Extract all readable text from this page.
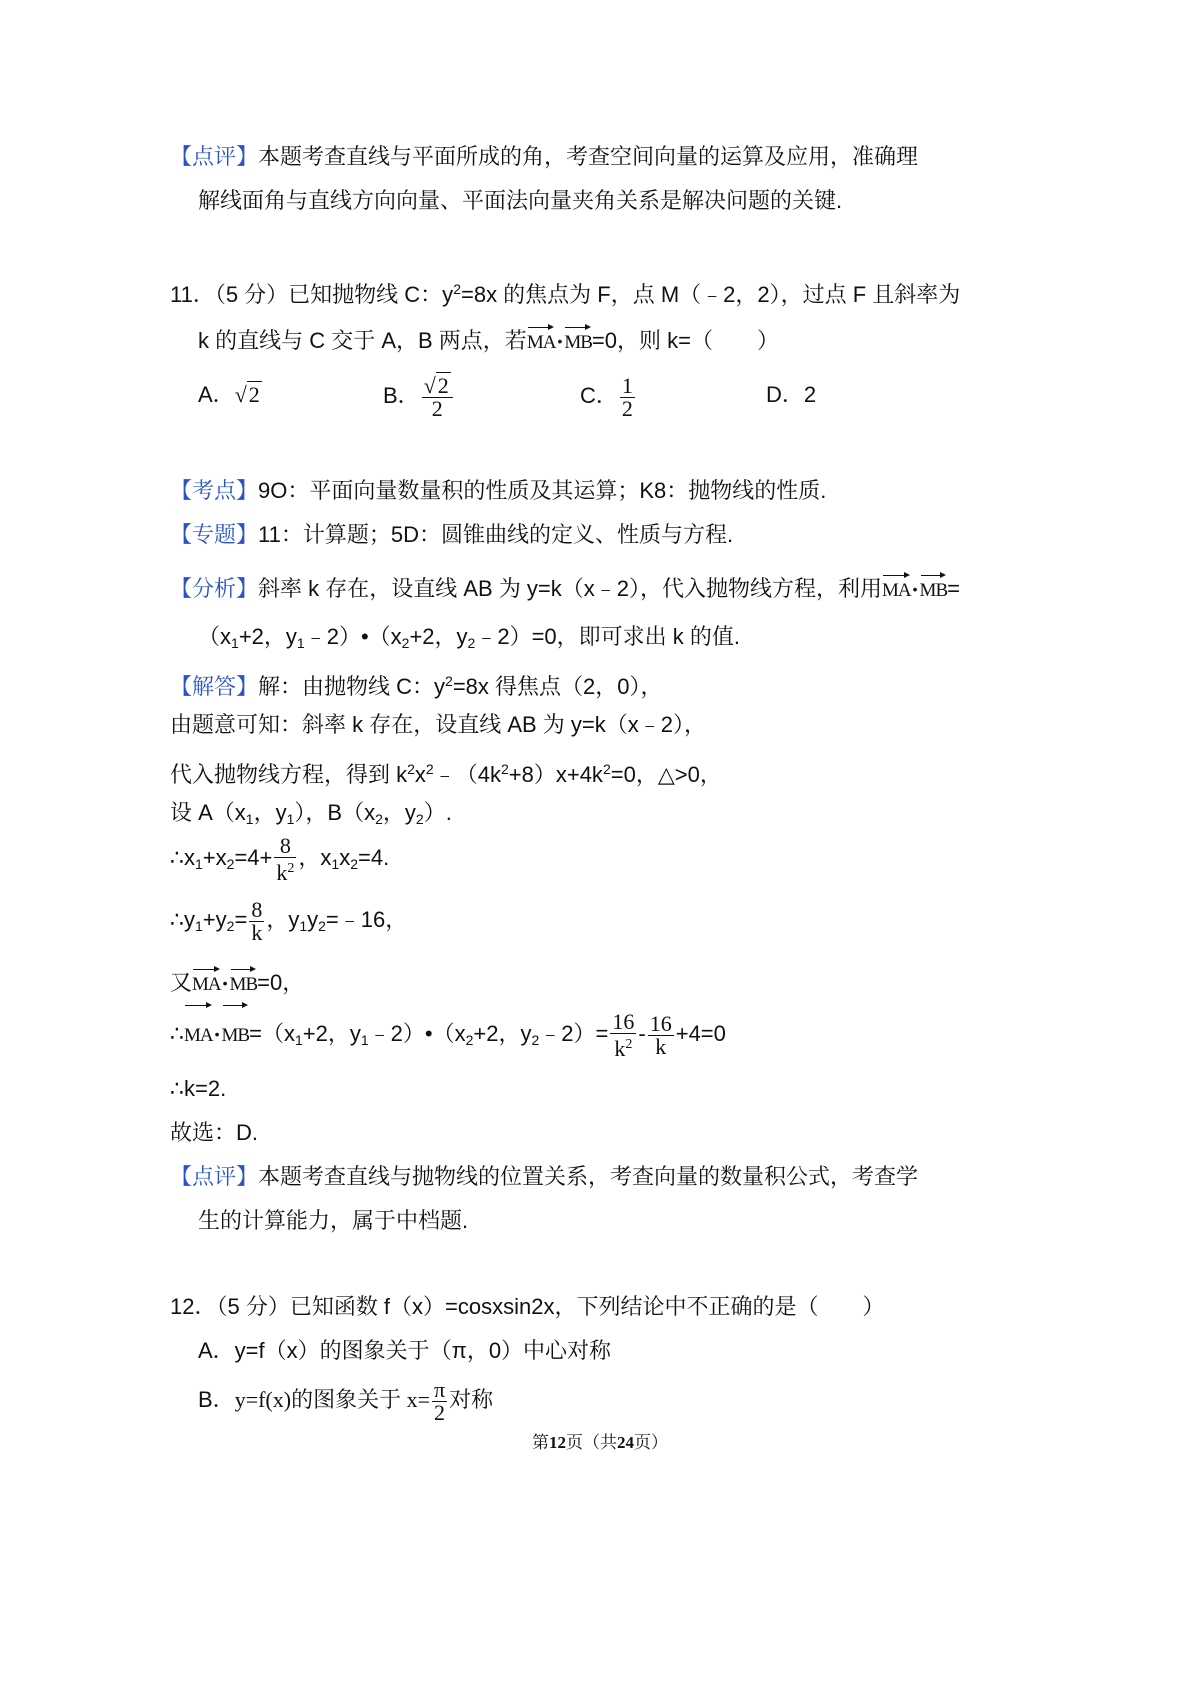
【点评】本题考查直线与平面所成的角，考查空间向量的运算及应用，准确理
解线面角与直线方向向量、平面法向量夹角关系是解决问题的关键.
11．（5 分）已知抛物线 C：$y^2=8x$ 的焦点为 F，点 M（﹣2，2），过点 F 且斜率为
k 的直线与 C 交于 A，B 两点，若MA • MB=0，则 k=（　　）
A．√2	B． $\frac{√2}{2}$	C． $\frac{1}{2}$	D．2
【考点】9O：平面向量数量积的性质及其运算；K8：抛物线的性质.
【专题】11：计算题；5D：圆锥曲线的定义、性质与方程.
【分析】斜率 k 存在，设直线 AB 为 y=k（x﹣2），代入抛物线方程，利用MA • MB=
（$x_1+2$，$y_1﹣2)•(x_2+2$，$y_2﹣2)=0$，即可求出 k 的值.
【解答】解：由抛物线 C：$y^2=8x$ 得焦点（2，0），
由题意可知：斜率 k 存在，设直线 AB 为 y=k（x﹣2），
代入抛物线方程，得到 $k^2x^2﹣(4k^2+8)x+4k^2=0$，△>0，
设 $A(x_1$，$y_1$），$B(x_2$，$y_2$）.
$\therefore x_1+x_2=4+ \frac{8}{k^2}$ ，$x_1x_2=4$.
$\therefore y_1+y_2= \frac{8}{k}$ ，$y_1y_2=﹣16$，
又MA • MB=0，
∴MA • $MB=(x_1+2$，$y_1﹣2)•(x_2+2$，$y_2﹣2)= \frac{16}{k^2} - \frac{16}{k} +4=0$
∴k=2.
故选：D.
【点评】本题考查直线与抛物线的位置关系，考查向量的数量积公式，考查学
生的计算能力，属于中档题.
12．（5 分）已知函数 f（x）=cosxsin2x，下列结论中不正确的是（　　）
A．y=f（x）的图象关于（π，0）中心对称
B．y=f(x)的图象关于 $x= \frac{\pi}{2}$ 对称
第12页（共24页）
